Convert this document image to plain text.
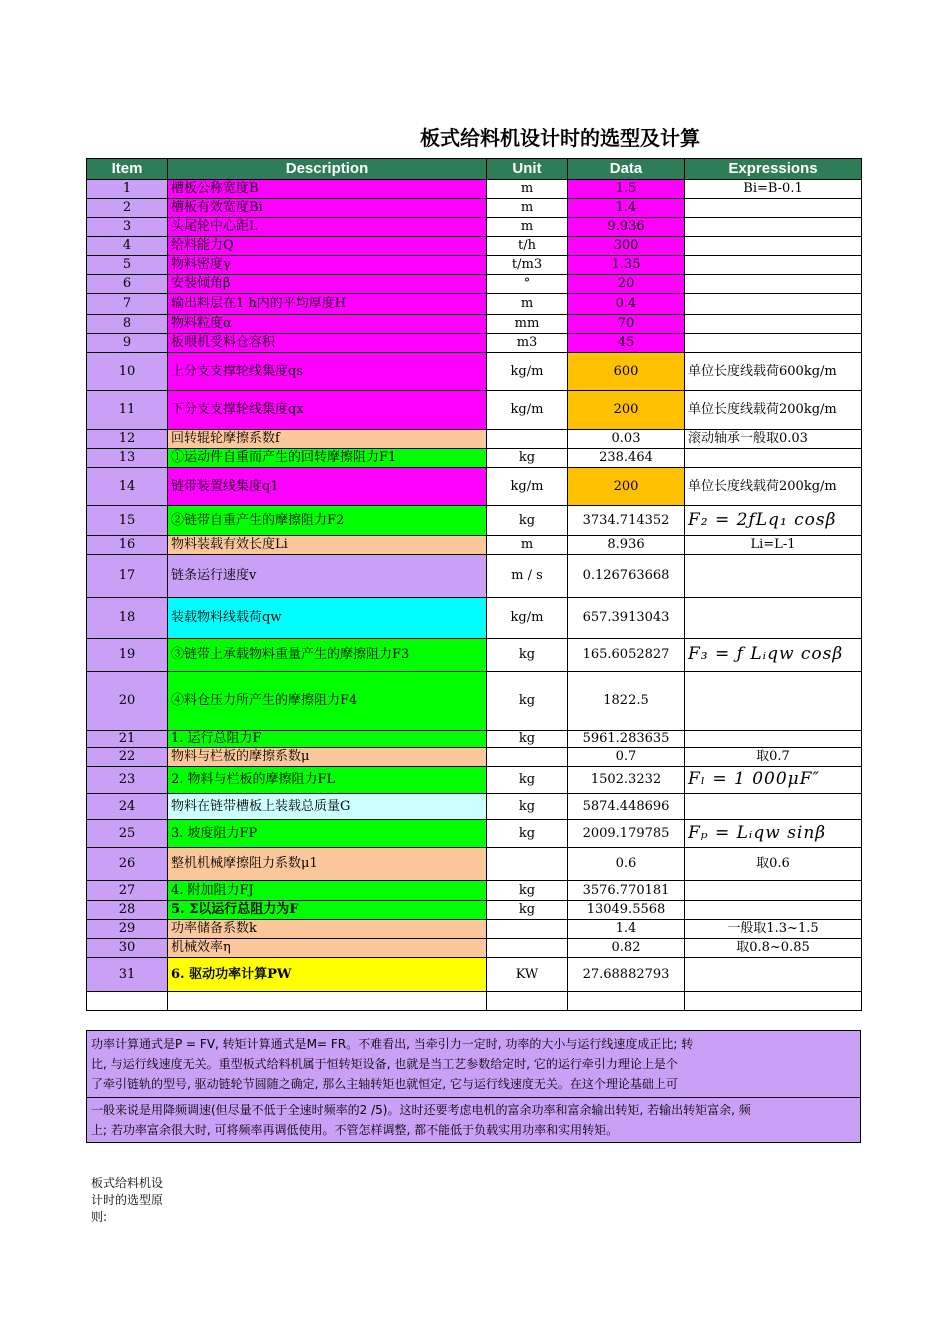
板式给料机设计时的选型及计算
Item	Description	Unit	Data	Expressions
1	槽板公称宽度B	m	1.5	Bi=B-0.1
2	槽板有效宽度Bi	m	1.4	
3	头尾轮中心距L	m	9.936	
4	给料能力Q	t/h	300	
5	物料密度γ	t/m3	1.35	
6	安装倾角β	°	20	
7	输出料层在1 h内的平均厚度H	m	0.4	
8	物料粒度α	mm	70	
9	板喂机受料仓容积	m3	45	
10	上分支支撑轮线集度qs	kg/m	600	单位长度线载荷600kg/m
11	下分支支撑轮线集度qx	kg/m	200	单位长度线载荷200kg/m
12	回转辊轮摩擦系数f		0.03	滚动轴承一般取0.03
13	①运动件自重而产生的回转摩擦阻力F1	kg	238.464	
14	链带装置线集度q1	kg/m	200	单位长度线载荷200kg/m
15	②链带自重产生的摩擦阻力F2	kg	3734.714352	F₂ = 2ƒLq₁ cosβ
16	物料装载有效长度Li	m	8.936	Li=L-1
17	链条运行速度v	m / s	0.126763668	
18	装载物料线载荷qw	kg/m	657.3913043	
19	③链带上承载物料重量产生的摩擦阻力F3	kg	165.6052827	F₃ = ƒ Lᵢqw cosβ
20	④料仓压力所产生的摩擦阻力F4	kg	1822.5	
21	1. 运行总阻力F	kg	5961.283635	
22	物料与栏板的摩擦系数μ		0.7	取0.7
23	2. 物料与栏板的摩擦阻力FL	kg	1502.3232	Fₗ = 1 000μF″
24	物料在链带槽板上装载总质量G	kg	5874.448696	
25	3. 坡度阻力FP	kg	2009.179785	Fₚ = Lᵢqw sinβ
26	整机机械摩擦阻力系数μ1		0.6	取0.6
27	4. 附加阻力FJ	kg	3576.770181	
28	5. Σ以运行总阻力为F	kg	13049.5568	
29	功率储备系数k		1.4	一般取1.3~1.5
30	机械效率η		0.82	取0.8~0.85
31	6. 驱动功率计算PW	KW	27.68882793	

功率计算通式是P = FV, 转矩计算通式是M= FR。不难看出, 当牵引力一定时, 功率的大小与运行线速度成正比; 转
比, 与运行线速度无关。重型板式给料机属于恒转矩设备, 也就是当工艺参数给定时, 它的运行牵引力理论上是个
了牵引链轨的型号, 驱动链轮节圆随之确定, 那么主轴转矩也就恒定, 它与运行线速度无关。在这个理论基础上可

一般来说是用降频调速(但尽量不低于全速时频率的2 /5)。这时还要考虑电机的富余功率和富余输出转矩, 若输出转矩富余, 频
上; 若功率富余很大时, 可将频率再调低使用。不管怎样调整, 都不能低于负载实用功率和实用转矩。
板式给料机设计时的选型原则:
